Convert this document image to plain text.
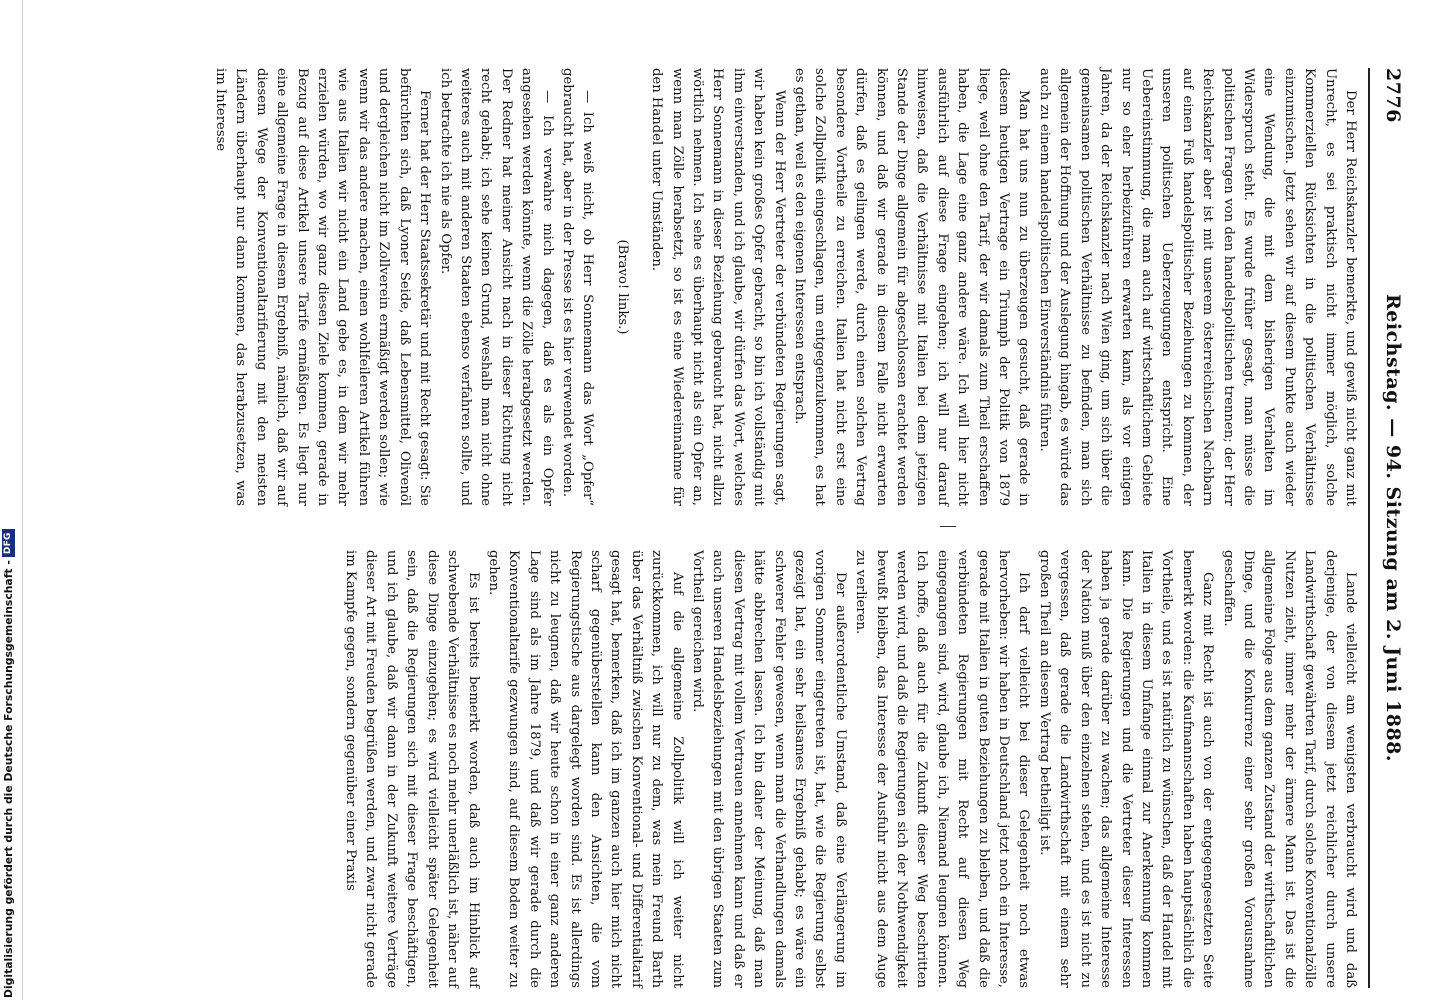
Digitalisierung gefördert durch die Deutsche Forschungsgemeinschaft -
DFG
2776
Reichstag. — 94. Sitzung am 2. Juni 1888.

Der Herr Reichskanzler bemerkte, und gewiß nicht ganz mit Unrecht, es sei praktisch nicht immer möglich, solche Kommerziellen Rücksichten in die politischen Verhältnisse einzumischen. Jetzt sehen wir auf diesem Punkte auch wieder eine Wendung, die mit dem bisherigen Verhalten im Widerspruch steht. Es wurde früher gesagt, man müsse die politischen Fragen von den handelspolitischen trennen; der Herr Reichskanzler aber ist mit unserem österreichischen Nachbarn auf einen Fuß handelspolitischer Beziehungen zu kommen, der unseren politischen Ueberzeugungen entspricht. Eine Uebereinstimmung, die man auch auf wirtschaftlichem Gebiete nur so eher herbeizuführen erwarten kann, als vor einigen Jahren, da der Reichskanzler nach Wien ging, um sich über die gemeinsamen politischen Verhältnisse zu befinden, man sich allgemein der Hoffnung und der Auslegung hingab, es würde das auch zu einem handelspolitischen Einverständnis führen.

Man hat uns nun zu überzeugen gesucht, daß gerade in diesem heutigen Vertrage ein Triumph der Politik von 1879 liege, weil ohne den Tarif, der wir damals zum Theil erschaffen haben, die Lage eine ganz andere wäre. Ich will hier nicht ausführlich auf diese Frage eingehen; ich will nur darauf hinweisen, daß die Verhältnisse mit Italien bei dem jetzigen Stande der Dinge allgemein für abgeschlossen erachtet werden können, und daß wir gerade in diesem Falle nicht erwarten dürfen, daß es gelingen werde, durch einen solchen Vertrag besondere Vortheile zu erreichen. Italien hat nicht erst eine solche Zollpolitik eingeschlagen, um entgegenzukommen, es hat es gethan, weil es den eigenen Interessen entsprach.

Wenn der Herr Vertreter der verbündeten Regierungen sagt, wir haben kein großes Opfer gebracht, so bin ich vollständig mit ihm einverstanden, und ich glaube, wir dürfen das Wort, welches Herr Sonnemann in dieser Beziehung gebraucht hat, nicht allzu wörtlich nehmen. Ich sehe es überhaupt nicht als ein Opfer an, wenn man Zölle herabsetzt, so ist es eine Wiedereinnahme für den Handel unter Umständen.

(Bravo! links.)

— Ich weiß nicht, ob Herr Sonnemann das Wort „Opfer“ gebraucht hat, aber in der Presse ist es hier verwendet worden.

— Ich verwahre mich dagegen, daß es als ein Opfer angesehen werden könnte, wenn die Zölle herabgesetzt werden. Der Redner hat meiner Ansicht nach in dieser Richtung nicht recht gehabt; ich sehe keinen Grund, weshalb man nicht ohne weiteres auch mit anderen Staaten ebenso verfahren sollte, und ich betrachte ich nie als Opfer.

Ferner hat der Herr Staatssekretär und mit Recht gesagt: Sie befürchten sich, daß Lyoner Seide, daß Lebensmittel, Olivenöl und dergleichen nicht im Zollverein ermäßigt werden sollen; wie wenn wir das andere machen, einen wohlfeileren Artikel führen wie aus Italien wir nicht ein Land gebe es, in dem wir mehr erzielen würden, wo wir ganz diesen Ziele kommen, gerade in Bezug auf diese Artikel unsere Tarife ermäßigen. Es liegt nur eine allgemeine Frage in diesem Ergebniß, nämlich, daß wir auf diesem Wege der Konventionaltarifierung mit den meisten Ländern überhaupt nur dann kommen, das herabzusetzen, was im Interesse

Lande vielleicht am wenigsten verbraucht wird und daß derjenige, der von diesem jetzt reichlicher durch unsere Landwirthschaft gewährten Tarif, durch solche Konventionalzölle Nutzen zieht, immer mehr der ärmere Mann ist. Das ist die allgemeine Folge aus dem ganzen Zustand der wirthschaftlichen Dinge, und die Konkurrenz einer sehr großen Vorausnahme geschaffen.

Ganz mit Recht ist auch von der entgegengesetzten Seite bemerkt worden: die Kaufmannschaften haben hauptsächlich die Vortheile, und es ist natürlich zu wünschen, daß der Handel mit Italien in diesem Umfange einmal zur Anerkennung kommen kann. Die Regierungen und die Vertreter dieser Interessen haben ja gerade darüber zu wachen; das allgemeine Interesse der Nation muß über den einzelnen stehen, und es ist nicht zu vergessen, daß gerade die Landwirthschaft mit einem sehr großen Theil an diesem Vertrag betheiligt ist.

Ich darf vielleicht bei dieser Gelegenheit noch etwas hervorheben: wir haben in Deutschland jetzt noch ein Interesse, gerade mit Italien in guten Beziehungen zu bleiben, und daß die verbündeten Regierungen mit Recht auf diesen Weg eingegangen sind, wird, glaube ich, Niemand leugnen können. Ich hoffe, daß auch für die Zukunft dieser Weg beschritten werden wird, und daß die Regierungen sich der Nothwendigkeit bewußt bleiben, das Interesse der Ausfuhr nicht aus dem Auge zu verlieren.

Der außerordentliche Umstand, daß eine Verlängerung im vorigen Sommer eingetreten ist, hat, wie die Regierung selbst gezeigt hat, ein sehr heilsames Ergebniß gehabt; es wäre ein schwerer Fehler gewesen, wenn man die Verhandlungen damals hätte abbrechen lassen. Ich bin daher der Meinung, daß man diesen Vertrag mit vollem Vertrauen annehmen kann und daß er auch unseren Handelsbeziehungen mit den übrigen Staaten zum Vortheil gereichen wird.

Auf die allgemeine Zollpolitik will ich weiter nicht zurückkommen, ich will nur zu dem, was mein Freund Barth über das Verhältniß zwischen Konventional- und Differentialtarif gesagt hat, bemerken, daß ich im ganzen auch hier mich nicht scharf gegenüberstellen kann den Ansichten, die vom Regierungstische aus dargelegt worden sind. Es ist allerdings nicht zu leugnen, daß wir heute schon in einer ganz anderen Lage sind als im Jahre 1879, und daß wir gerade durch die Konventionaltarife gezwungen sind, auf diesem Boden weiter zu gehen.

Es ist bereits bemerkt worden, daß auch im Hinblick auf schwebende Verhältnisse es noch mehr unerläßlich ist, näher auf diese Dinge einzugehen; es wird vielleicht später Gelegenheit sein, daß die Regierungen sich mit dieser Frage beschäftigen, und ich glaube, daß wir dann in der Zukunft weitere Verträge dieser Art mit Freuden begrüßen werden, und zwar nicht gerade im Kampfe gegen, sondern gegenüber einer Praxis
